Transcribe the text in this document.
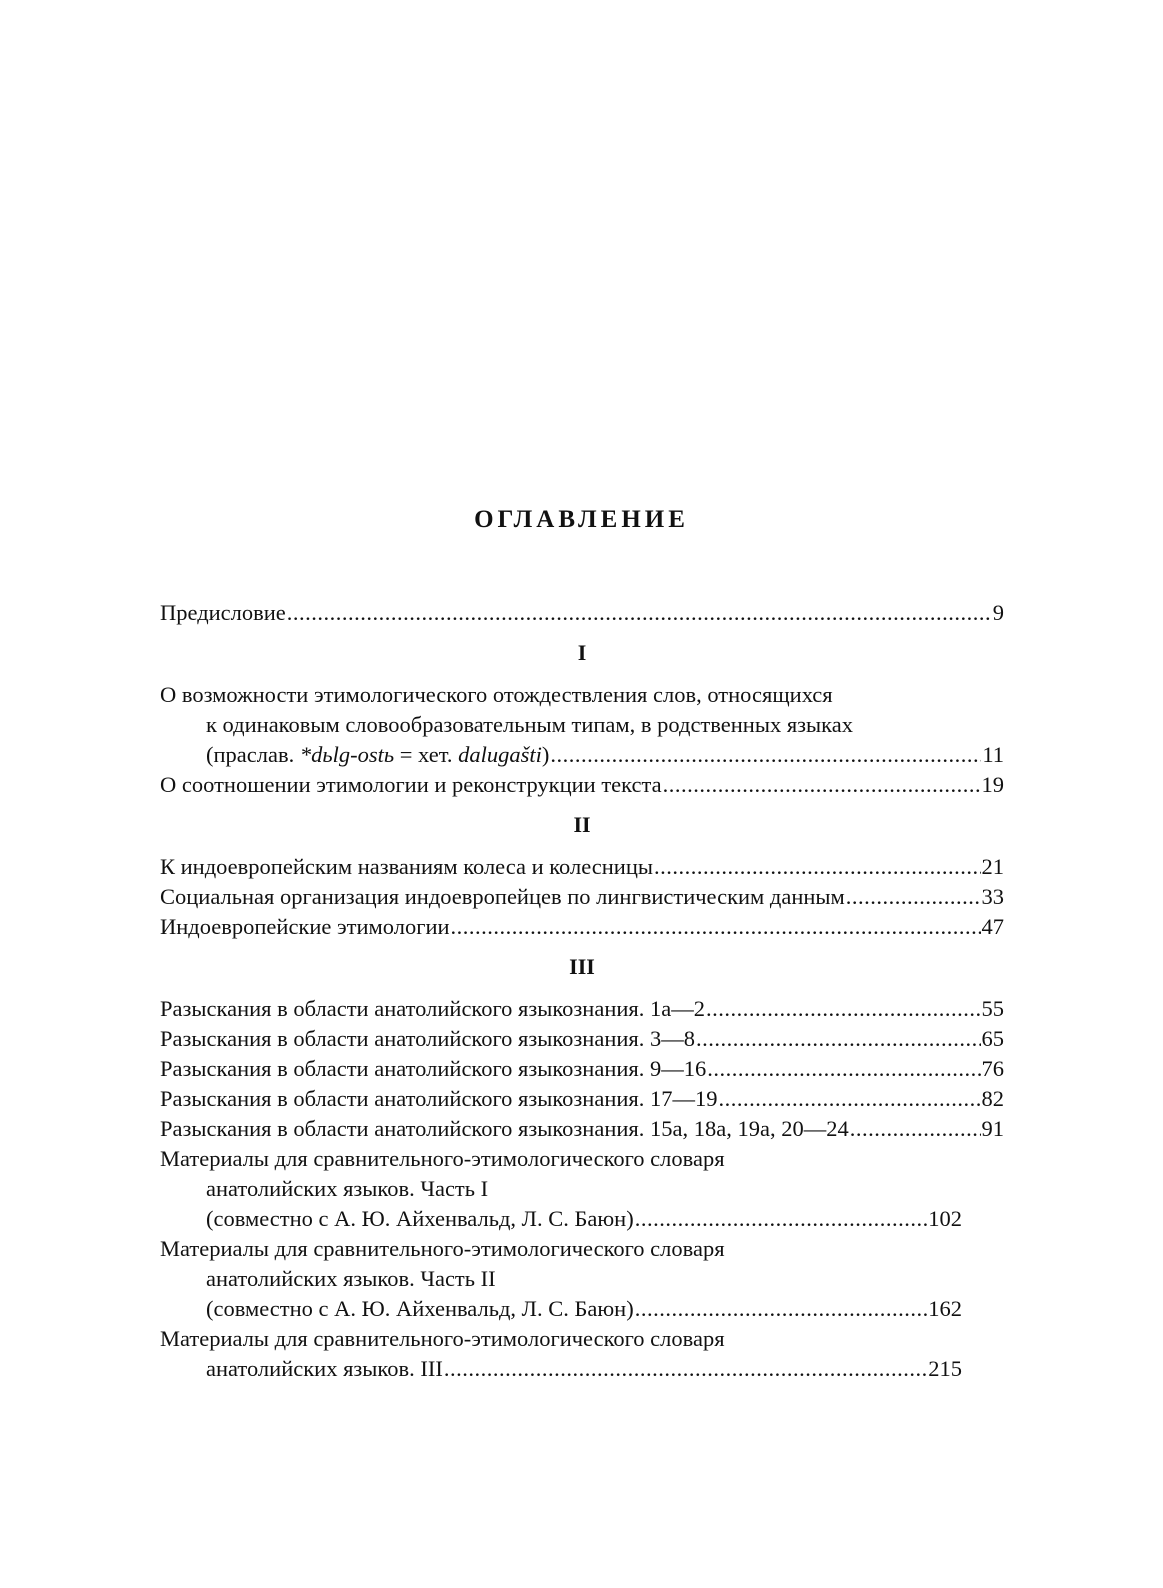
ОГЛАВЛЕНИЕ
Предисловие .....	9
I
О возможности этимологического отождествления слов, относящихся
к одинаковым словообразовательным типам, в родственных языках
(праслав. *dьlg-ostь = хет. dalugašti) .....	11
О соотношении этимологии и реконструкции текста .....	19
II
К индоевропейским названиям колеса и колесницы .....	21
Социальная организация индоевропейцев по лингвистическим данным .....	33
Индоевропейские этимологии .....	47
III
Разыскания в области анатолийского языкознания. 1а—2 .....	55
Разыскания в области анатолийского языкознания. 3—8 .....	65
Разыскания в области анатолийского языкознания. 9—16 .....	76
Разыскания в области анатолийского языкознания. 17—19 .....	82
Разыскания в области анатолийского языкознания. 15а, 18а, 19а, 20—24 .....	91
Материалы для сравнительного-этимологического словаря
анатолийских языков. Часть I
(совместно с А. Ю. Айхенвальд, Л. С. Баюн) .....	102
Материалы для сравнительного-этимологического словаря
анатолийских языков. Часть II
(совместно с А. Ю. Айхенвальд, Л. С. Баюн) .....	162
Материалы для сравнительного-этимологического словаря
анатолийских языков. III .....	215
